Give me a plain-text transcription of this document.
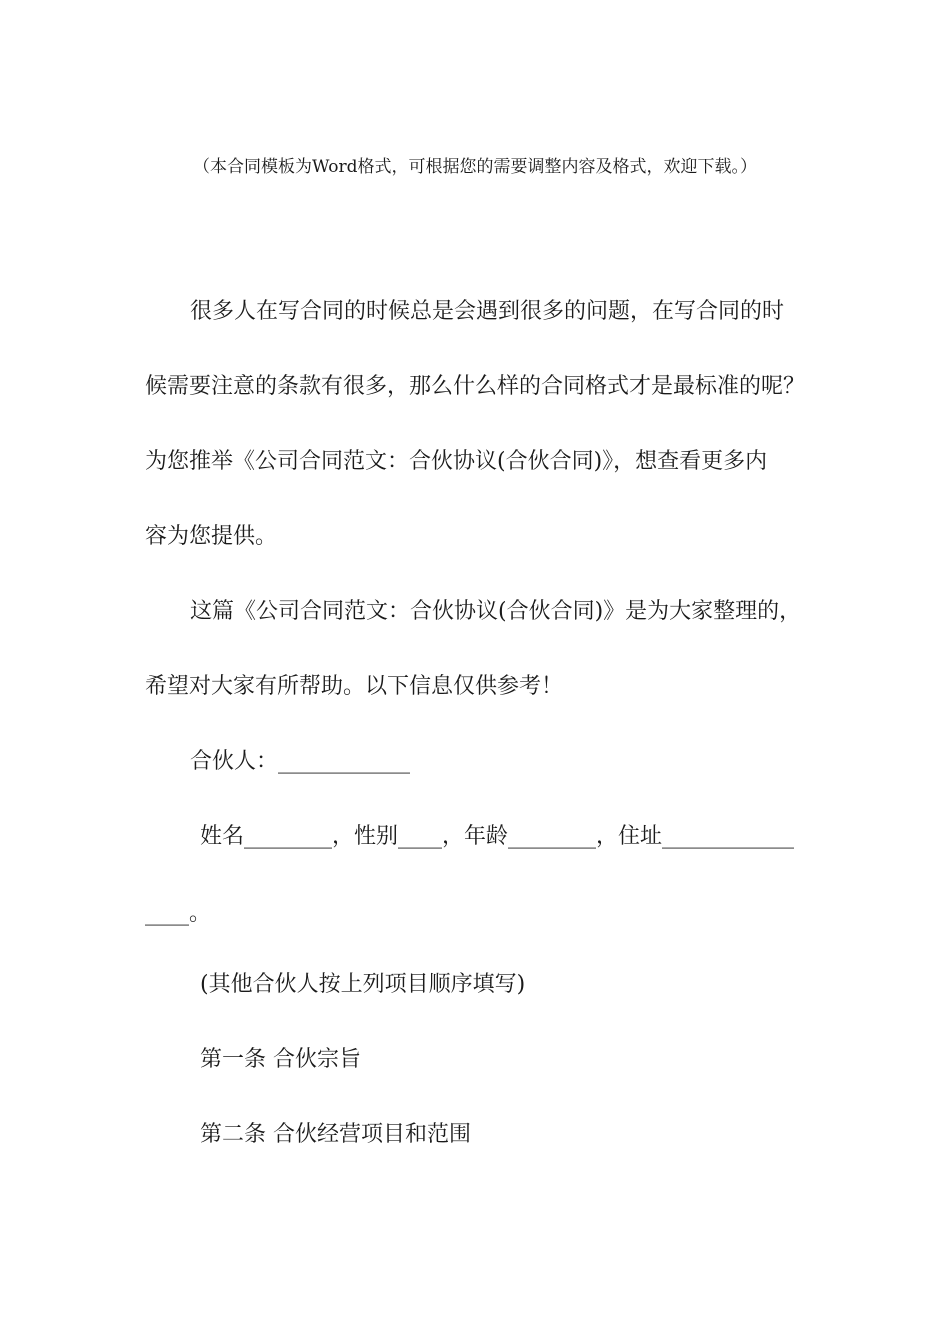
（本合同模板为Word格式，可根据您的需要调整内容及格式，欢迎下载。）
很多人在写合同的时候总是会遇到很多的问题，在写合同的时
候需要注意的条款有很多，那么什么样的合同格式才是最标准的呢？
为您推举《公司合同范文：合伙协议(合伙合同)》，想查看更多内
容为您提供。
这篇《公司合同范文：合伙协议(合伙合同)》是为大家整理的，
希望对大家有所帮助。以下信息仅供参考！
合伙人：____________
姓名________，性别____，年龄________，住址____________
____。
(其他合伙人按上列项目顺序填写)
第一条 合伙宗旨
第二条 合伙经营项目和范围
